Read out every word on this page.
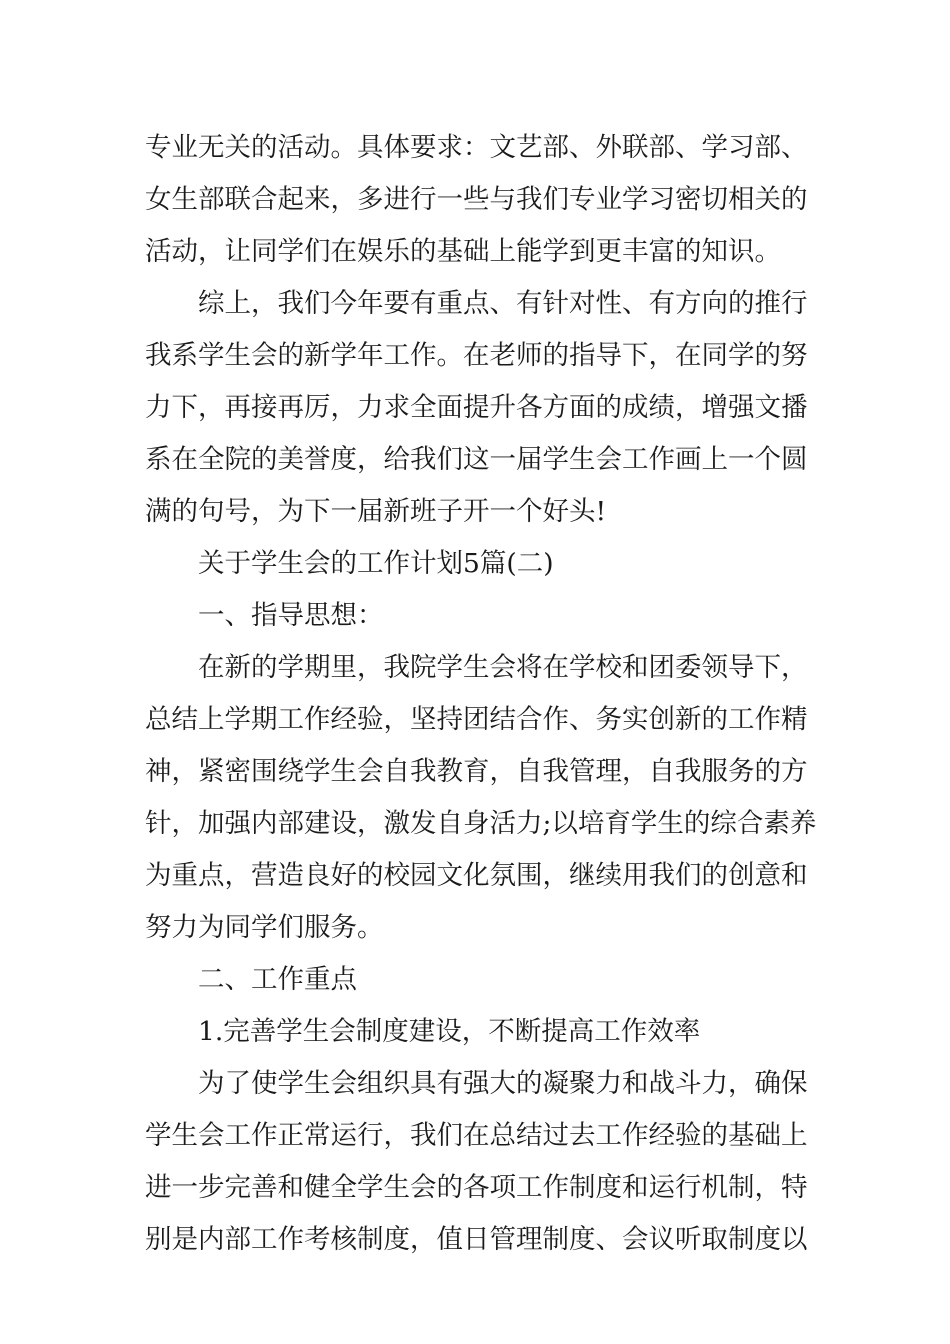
专业无关的活动。具体要求：文艺部、外联部、学习部、
女生部联合起来，多进行一些与我们专业学习密切相关的
活动，让同学们在娱乐的基础上能学到更丰富的知识。
综上，我们今年要有重点、有针对性、有方向的推行
我系学生会的新学年工作。在老师的指导下，在同学的努
力下，再接再厉，力求全面提升各方面的成绩，增强文播
系在全院的美誉度，给我们这一届学生会工作画上一个圆
满的句号，为下一届新班子开一个好头!
关于学生会的工作计划5篇(二)
一、指导思想：
在新的学期里，我院学生会将在学校和团委领导下，
总结上学期工作经验，坚持团结合作、务实创新的工作精
神，紧密围绕学生会自我教育，自我管理，自我服务的方
针，加强内部建设，激发自身活力;以培育学生的综合素养
为重点，营造良好的校园文化氛围，继续用我们的创意和
努力为同学们服务。
二、工作重点
1.完善学生会制度建设，不断提高工作效率
为了使学生会组织具有强大的凝聚力和战斗力，确保
学生会工作正常运行，我们在总结过去工作经验的基础上
进一步完善和健全学生会的各项工作制度和运行机制，特
别是内部工作考核制度，值日管理制度、会议听取制度以
